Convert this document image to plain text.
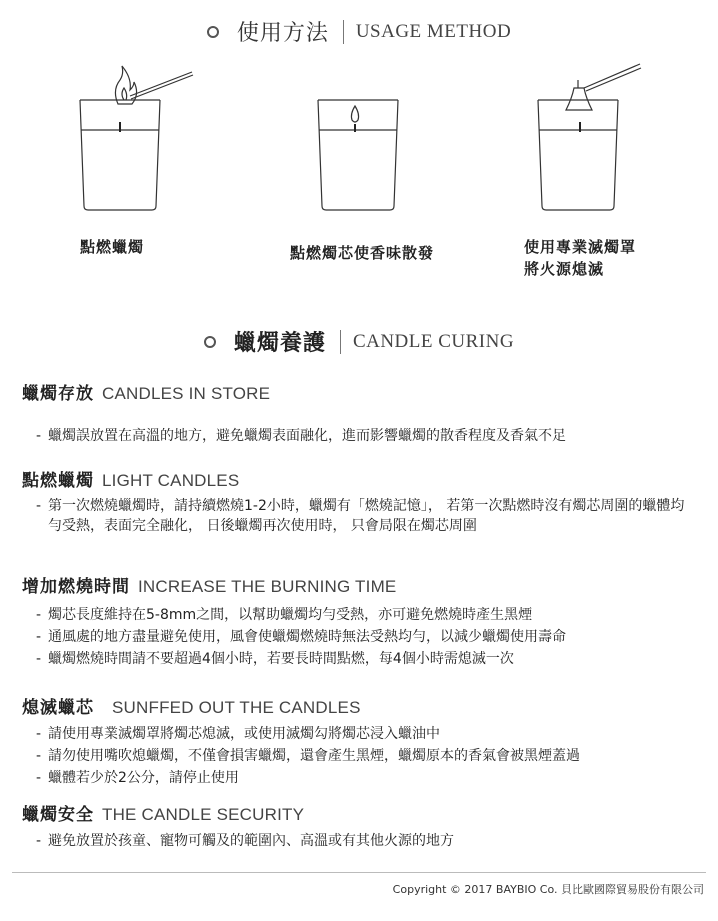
使用方法 USAGE METHOD
點燃蠟燭	點燃燭芯使香味散發	使用專業滅燭罩
將火源熄滅
蠟燭養護 CANDLE CURING
蠟燭存放 CANDLES IN STORE
- 蠟燭誤放置在高溫的地方，避免蠟燭表面融化，進而影響蠟燭的散香程度及香氣不足
點燃蠟燭 LIGHT CANDLES
- 第一次燃燒蠟燭時，請持續燃燒1-2小時，蠟燭有「燃燒記憶」， 若第一次點燃時沒有燭芯周圍的蠟體均勻受熱，表面完全融化， 日後蠟燭再次使用時， 只會局限在燭芯周圍
增加燃燒時間 INCREASE THE BURNING TIME
- 燭芯長度維持在5-8mm之間，以幫助蠟燭均勻受熱，亦可避免燃燒時產生黑煙
- 通風處的地方盡量避免使用，風會使蠟燭燃燒時無法受熱均勻，以減少蠟燭使用壽命
- 蠟燭燃燒時間請不要超過4個小時，若要長時間點燃，每4個小時需熄滅一次
熄滅蠟芯 SUNFFED OUT THE CANDLES
- 請使用專業滅燭罩將燭芯熄滅，或使用滅燭勾將燭芯浸入蠟油中
- 請勿使用嘴吹熄蠟燭，不僅會損害蠟燭，還會產生黑煙，蠟燭原本的香氣會被黑煙蓋過
- 蠟體若少於2公分，請停止使用
蠟燭安全 THE CANDLE SECURITY
- 避免放置於孩童、寵物可觸及的範圍內、高溫或有其他火源的地方
Copyright © 2017 BAYBIO Co. 貝比歐國際貿易股份有限公司
